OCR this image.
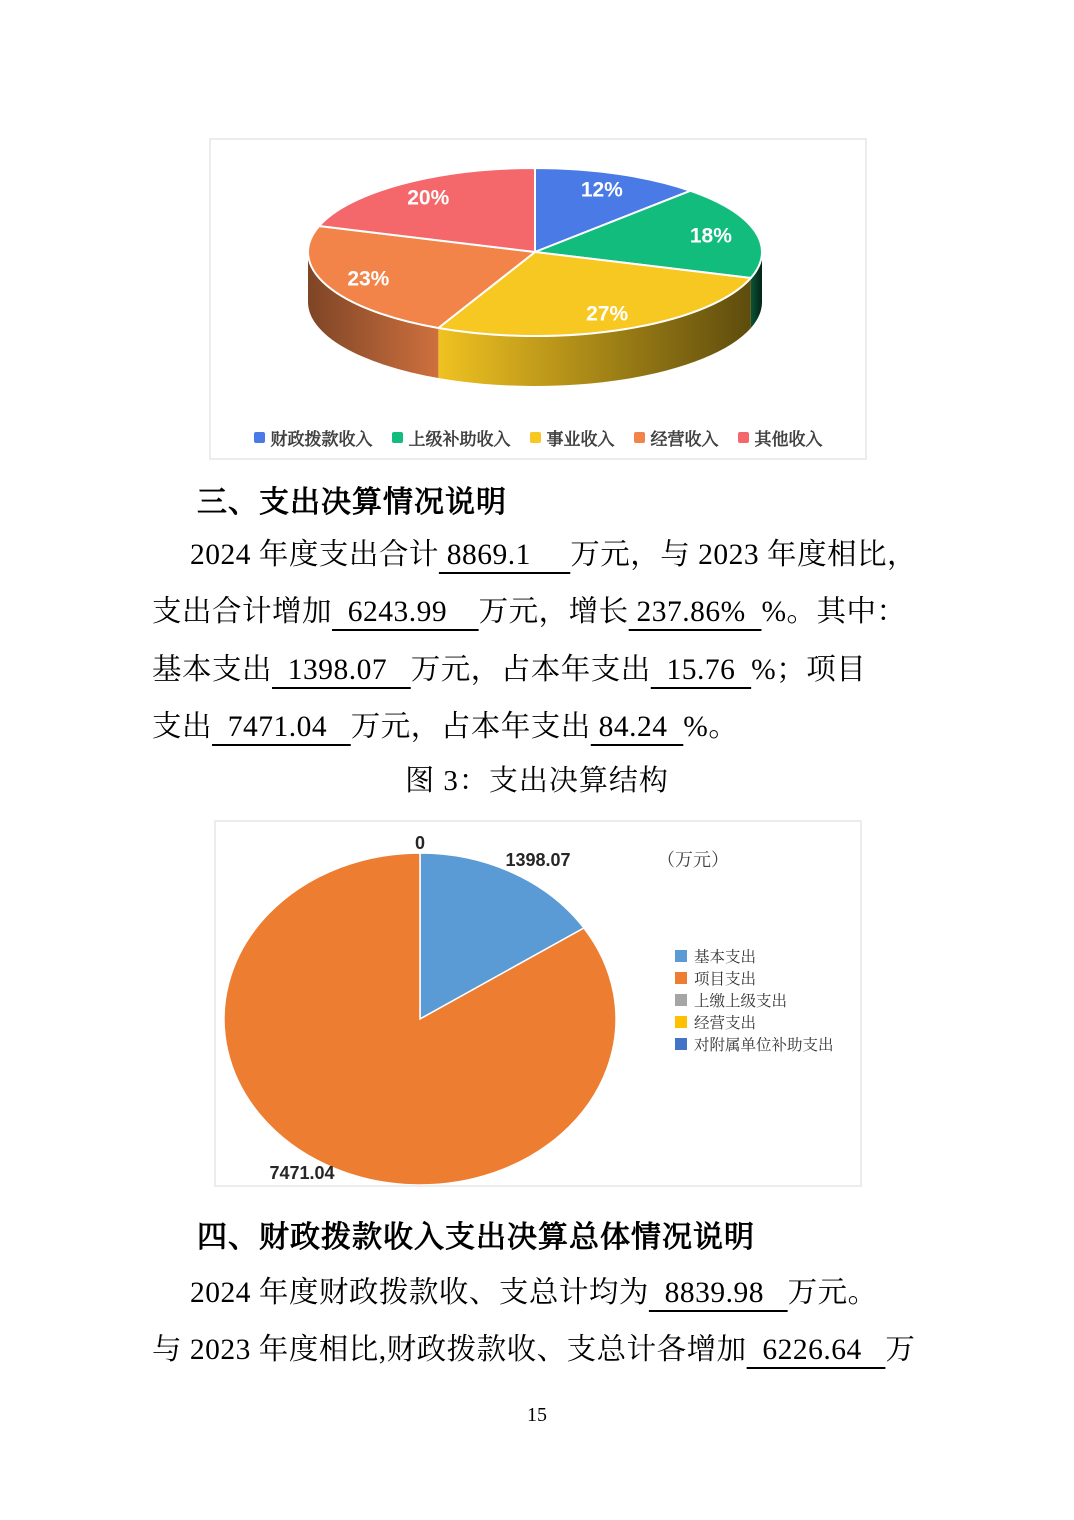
12%
18%
27%
23%
20%
财政拨款收入 上级补助收入 事业收入 经营收入 其他收入
三、支出决算情况说明
2024 年度支出合计 8869.1     万元，与 2023 年度相比，
支出合计增加  6243.99    万元，增长 237.86%  %。其中：
基本支出  1398.07   万元，占本年支出  15.76  %；项目
支出  7471.04   万元，占本年支出 84.24  %。
图 3：支出决算结构
1398.07
7471.04
0
（万元）
基本支出
项目支出
上缴上级支出
经营支出
对附属单位补助支出
四、财政拨款收入支出决算总体情况说明
2024 年度财政拨款收、支总计均为  8839.98   万元。
与 2023 年度相比,财政拨款收、支总计各增加  6226.64   万
15
